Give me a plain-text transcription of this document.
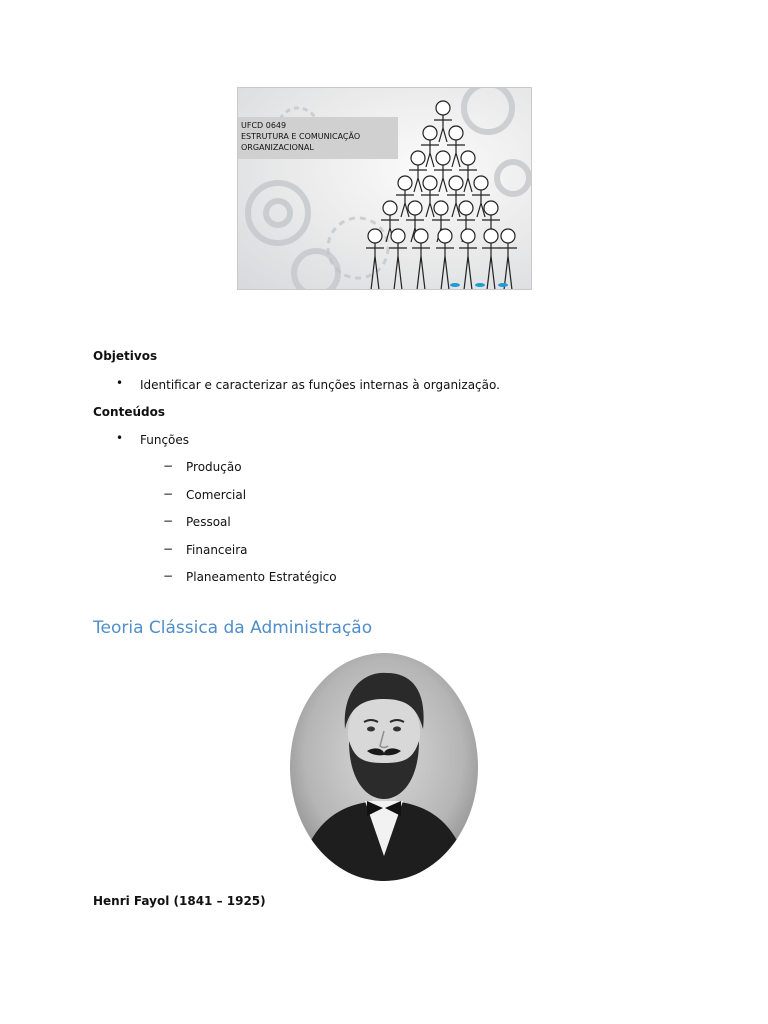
UFCD 0649
ESTRUTURA E COMUNICAÇÃO
ORGANIZACIONAL
Objetivos
• Identificar e caracterizar as funções internas à organização.
Conteúdos
• Funções
− Produção
− Comercial
− Pessoal
− Financeira
− Planeamento Estratégico
Teoria Clássica da Administração
Henri Fayol (1841 – 1925)
